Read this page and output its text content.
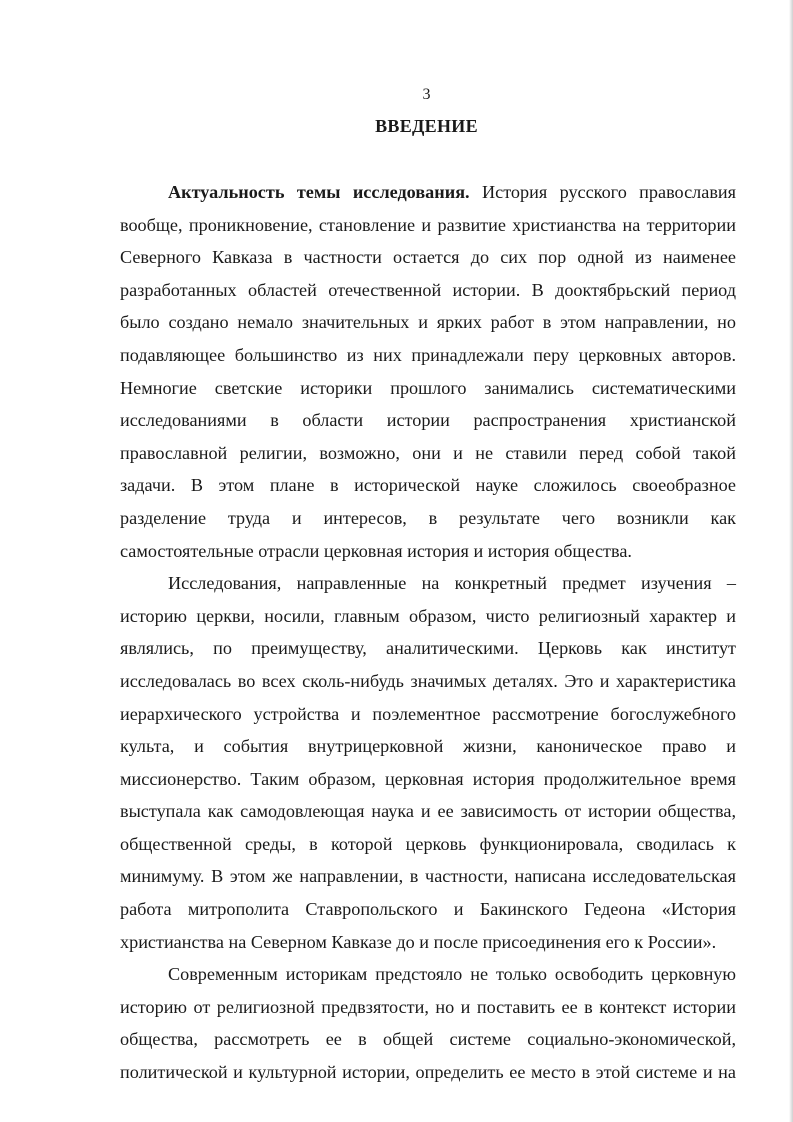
3
ВВЕДЕНИЕ
Актуальность темы исследования. История русского православия
вообще, проникновение, становление и развитие христианства на территории
Северного Кавказа в частности остается до сих пор одной из наименее
разработанных областей отечественной истории. В доoктябрьский период
было создано немало значительных и ярких работ в этом направлении, но
подавляющее большинство из них принадлежали перу церковных авторов.
Немногие светские историки прошлого занимались систематическими
исследованиями в области истории распространения христианской
православной религии, возможно, они и не ставили перед собой такой
задачи. В этом плане в исторической науке сложилось своеобразное
разделение труда и интересов, в результате чего возникли как
самостоятельные отрасли церковная история и история общества.
Исследования, направленные на конкретный предмет изучения –
историю церкви, носили, главным образом, чисто религиозный характер и
являлись, по преимуществу, аналитическими. Церковь как институт
исследовалась во всех сколь-нибудь значимых деталях. Это и характеристика
иерархического устройства и поэлементное рассмотрение богослужебного
культа, и события внутрицерковной жизни, каноническое право и
миссионерство. Таким образом, церковная история продолжительное время
выступала как самодовлеющая наука и ее зависимость от истории общества,
общественной среды, в которой церковь функционировала, сводилась к
минимуму. В этом же направлении, в частности, написана исследовательская
работа митрополита Ставропольского и Бакинского Гедеона «История
христианства на Северном Кавказе до и после присоединения его к России».
Современным историкам предстояло не только освободить церковную
историю от религиозной предвзятости, но и поставить ее в контекст истории
общества, рассмотреть ее в общей системе социально-экономической,
политической и культурной истории, определить ее место в этой системе и на
